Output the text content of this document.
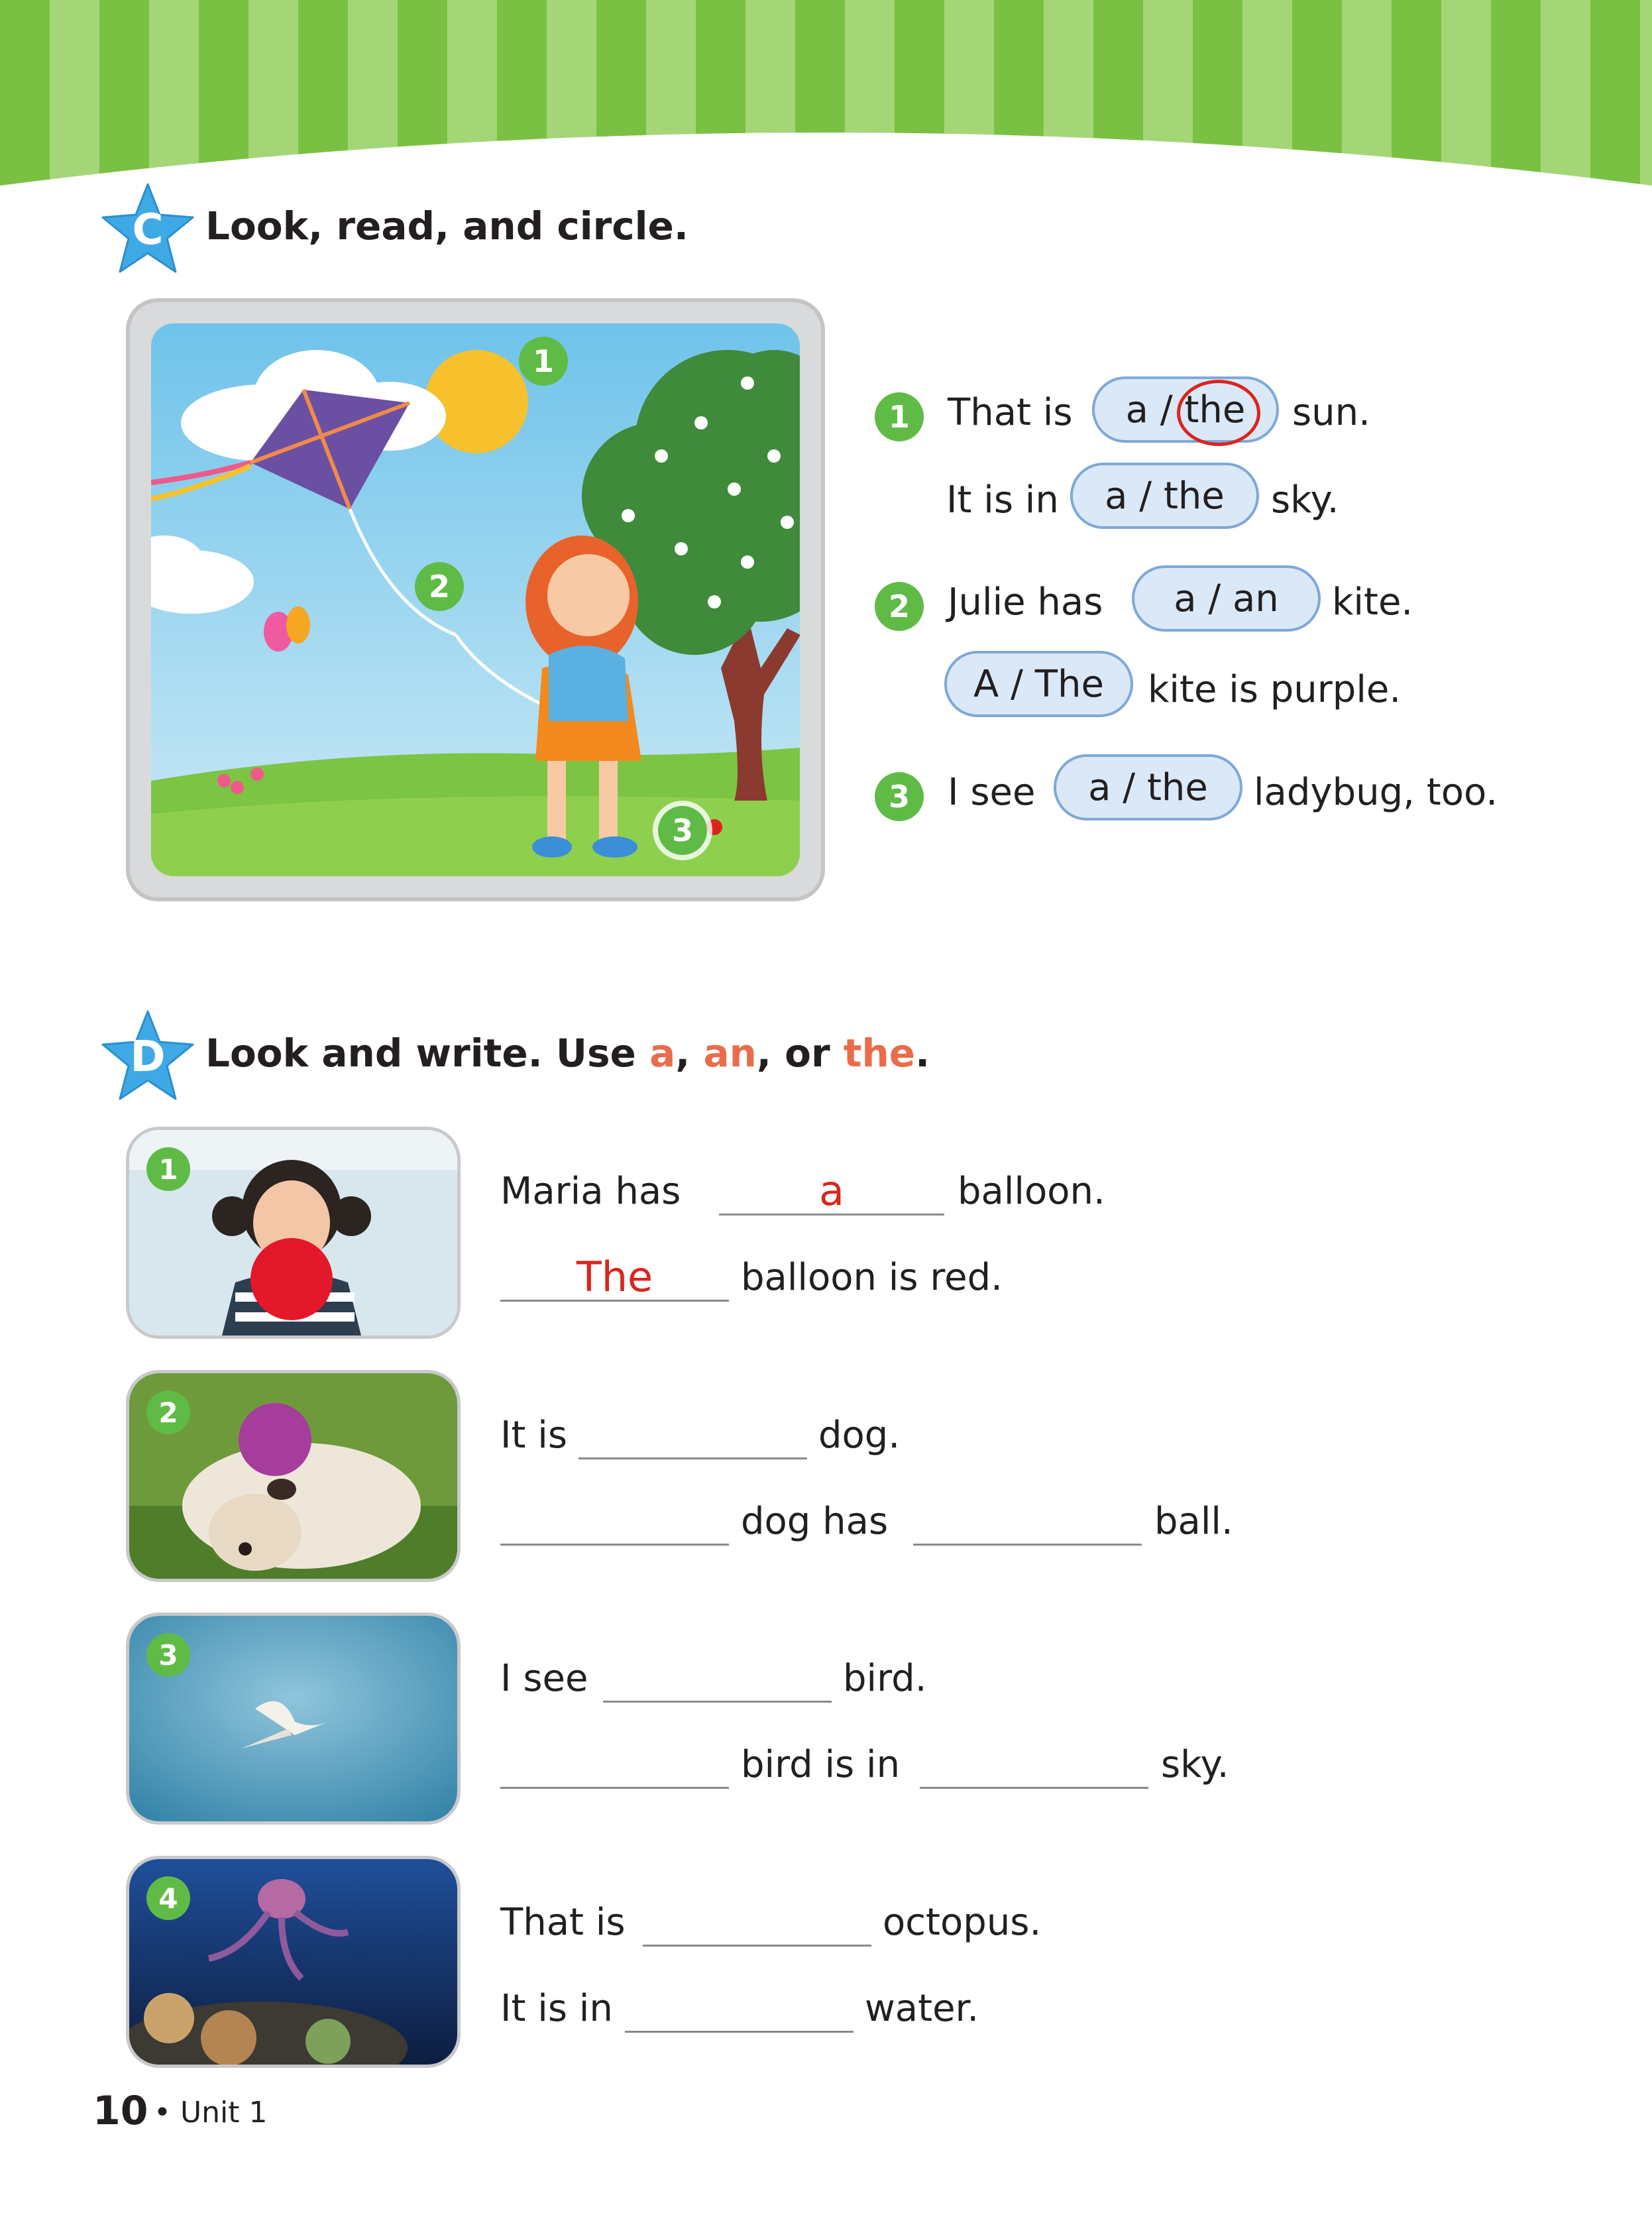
C	Look, read, and circle.
1
2
3
1	That is a / the sun.
It is in a / the sky.
2	Julie has a / an kite.
A / The kite is purple.
3	I see a / the ladybug, too.
D	Look and write. Use a, an, or the.
1
Maria has	a	balloon.
The	balloon is red.
2
It is	dog.
dog has	ball.
3
I see	bird.
bird is in	sky.
4
That is	octopus.
It is in	water.
10 • Unit 1
